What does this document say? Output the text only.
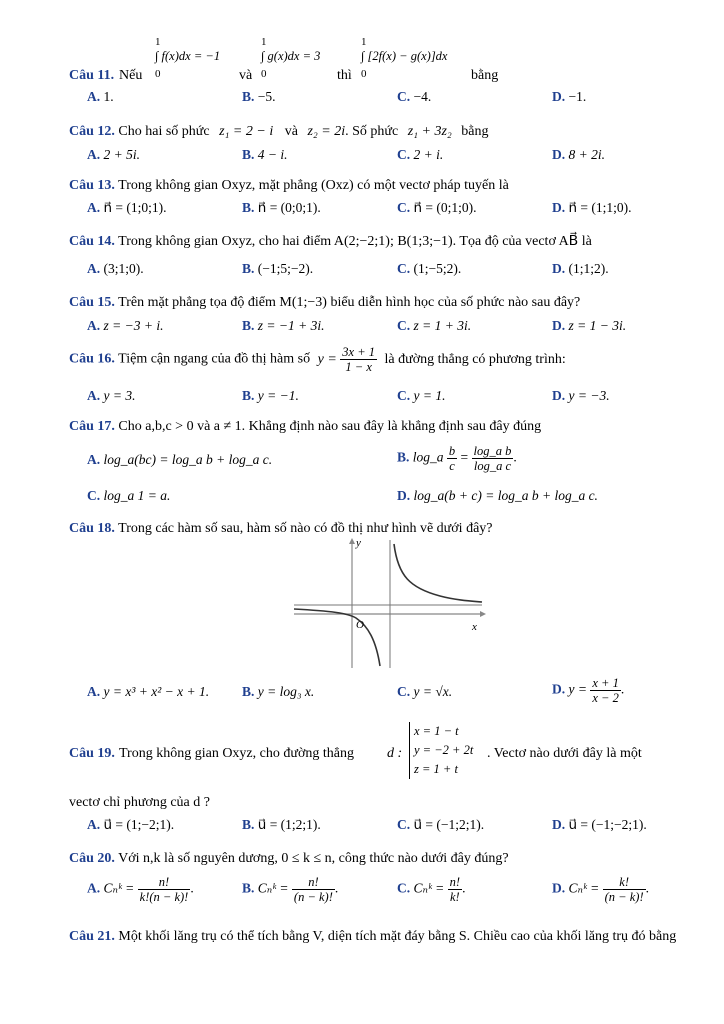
Câu 11. Nếu
∫ f(x)dx = −1
1
0	và
∫ g(x)dx = 3
1
0	thì
∫ [2f(x) − g(x)]dx
1
0	bằng
A. 1.	B. −5.	C. −4.	D. −1.
Câu 12. Cho hai số phức z₁ = 2 − i và z₂ = 2i. Số phức z₁ + 3z₂ bằng
A. 2 + 5i.	B. 4 − i.	C. 2 + i.	D. 8 + 2i.
Câu 13. Trong không gian Oxyz, mặt phẳng (Oxz) có một vectơ pháp tuyến là
A. n⃗ = (1;0;1).	B. n⃗ = (0;0;1).	C. n⃗ = (0;1;0).	D. n⃗ = (1;1;0).
Câu 14. Trong không gian Oxyz, cho hai điểm A(2;−2;1); B(1;3;−1). Tọa độ của vectơ AB⃗ là
A. (3;1;0).	B. (−1;5;−2).	C. (1;−5;2).	D. (1;1;2).
Câu 15. Trên mặt phẳng tọa độ điểm M(1;−3) biểu diễn hình học của số phức nào sau đây?
A. z = −3 + i.	B. z = −1 + 3i.	C. z = 1 + 3i.	D. z = 1 − 3i.
Câu 16. Tiệm cận ngang của đồ thị hàm số $y = \frac{3x + 1}{1 - x}$ là đường thẳng có phương trình:
A. y = 3.	B. y = −1.	C. y = 1.	D. y = −3.
Câu 17. Cho a,b,c > 0 và a ≠ 1. Khẳng định nào sau đây là khẳng định sau đây đúng
A. log_a(bc) = log_a b + log_a c.	B. log_a $\frac{b}{c} = \frac{\text{log\_a b}}{\text{log\_a c}}$ .
C. log_a 1 = a.	D. log_a(b + c) = log_a b + log_a c.
Câu 18. Trong các hàm số sau, hàm số nào có đồ thị như hình vẽ dưới đây?
y
x
O
A. y = x³ + x² − x + 1. B. y = log₃ x.	C. y = √x.	D. $y = \frac{x + 1}{x - 2}$ .
Câu 19. Trong không gian Oxyz, cho đường thẳng d :
x = 1 − t
y = −2 + 2t
z = 1 + t
. Vectơ nào dưới đây là một
vectơ chỉ phương của d ?
A. u⃗ = (1;−2;1).	B. u⃗ = (1;2;1).	C. u⃗ = (−1;2;1).	D. u⃗ = (−1;−2;1).
Câu 20. Với n,k là số nguyên dương, 0 ≤ k ≤ n, công thức nào dưới đây đúng?
A. Cₙᵏ = $\frac{n!}{k!(n - k)!}$ .	B. Cₙᵏ = $\frac{n!}{(n - k)!}$ .	C. Cₙᵏ = $\frac{n!}{k!}$ .	D. Cₙᵏ = $\frac{k!}{(n - k)!}$ .
Câu 21. Một khối lăng trụ có thể tích bằng V, diện tích mặt đáy bằng S. Chiều cao của khối lăng trụ đó bằng
